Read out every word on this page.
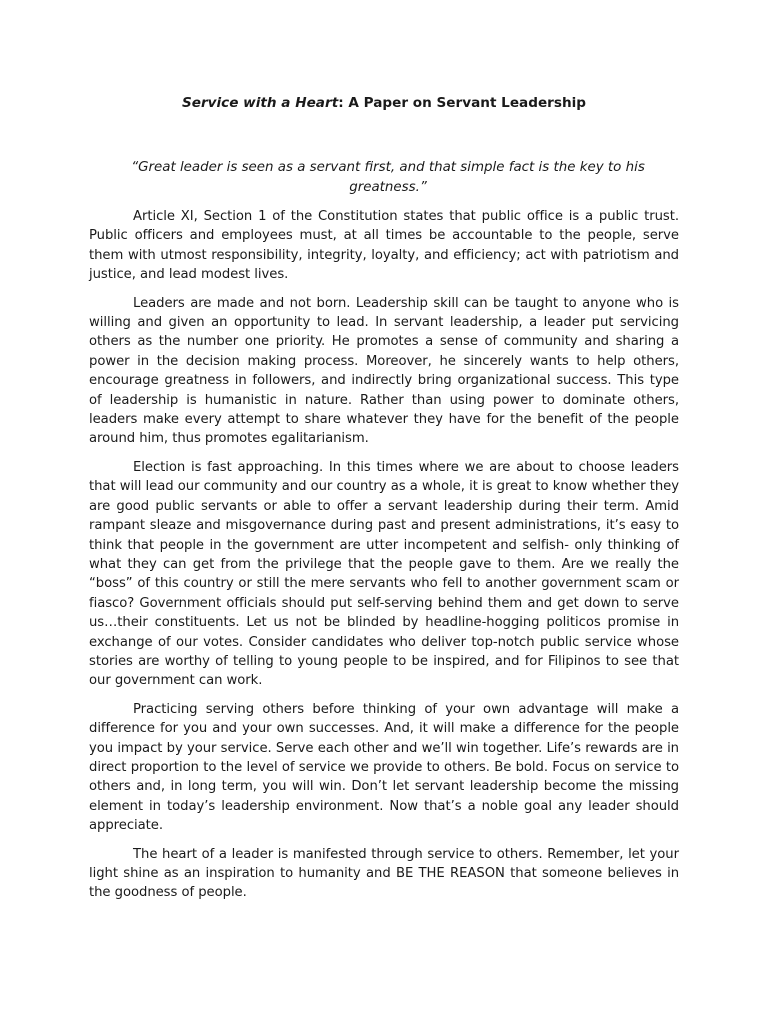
Service with a Heart: A Paper on Servant Leadership

“Great leader is seen as a servant first, and that simple fact is the key to his greatness.”

Article XI, Section 1 of the Constitution states that public office is a public trust. Public officers and employees must, at all times be accountable to the people, serve them with utmost responsibility, integrity, loyalty, and efficiency; act with patriotism and justice, and lead modest lives.

Leaders are made and not born. Leadership skill can be taught to anyone who is willing and given an opportunity to lead. In servant leadership, a leader put servicing others as the number one priority. He promotes a sense of community and sharing a power in the decision making process. Moreover, he sincerely wants to help others, encourage greatness in followers, and indirectly bring organizational success. This type of leadership is humanistic in nature. Rather than using power to dominate others, leaders make every attempt to share whatever they have for the benefit of the people around him, thus promotes egalitarianism.

Election is fast approaching. In this times where we are about to choose leaders that will lead our community and our country as a whole, it is great to know whether they are good public servants or able to offer a servant leadership during their term. Amid rampant sleaze and misgovernance during past and present administrations, it’s easy to think that people in the government are utter incompetent and selfish- only thinking of what they can get from the privilege that the people gave to them. Are we really the “boss” of this country or still the mere servants who fell to another government scam or fiasco? Government officials should put self-serving behind them and get down to serve us…their constituents. Let us not be blinded by headline-hogging politicos promise in exchange of our votes. Consider candidates who deliver top-notch public service whose stories are worthy of telling to young people to be inspired, and for Filipinos to see that our government can work.

Practicing serving others before thinking of your own advantage will make a difference for you and your own successes. And, it will make a difference for the people you impact by your service. Serve each other and we’ll win together. Life’s rewards are in direct proportion to the level of service we provide to others. Be bold. Focus on service to others and, in long term, you will win. Don’t let servant leadership become the missing element in today’s leadership environment. Now that’s a noble goal any leader should appreciate.

The heart of a leader is manifested through service to others. Remember, let your light shine as an inspiration to humanity and BE THE REASON that someone believes in the goodness of people.
